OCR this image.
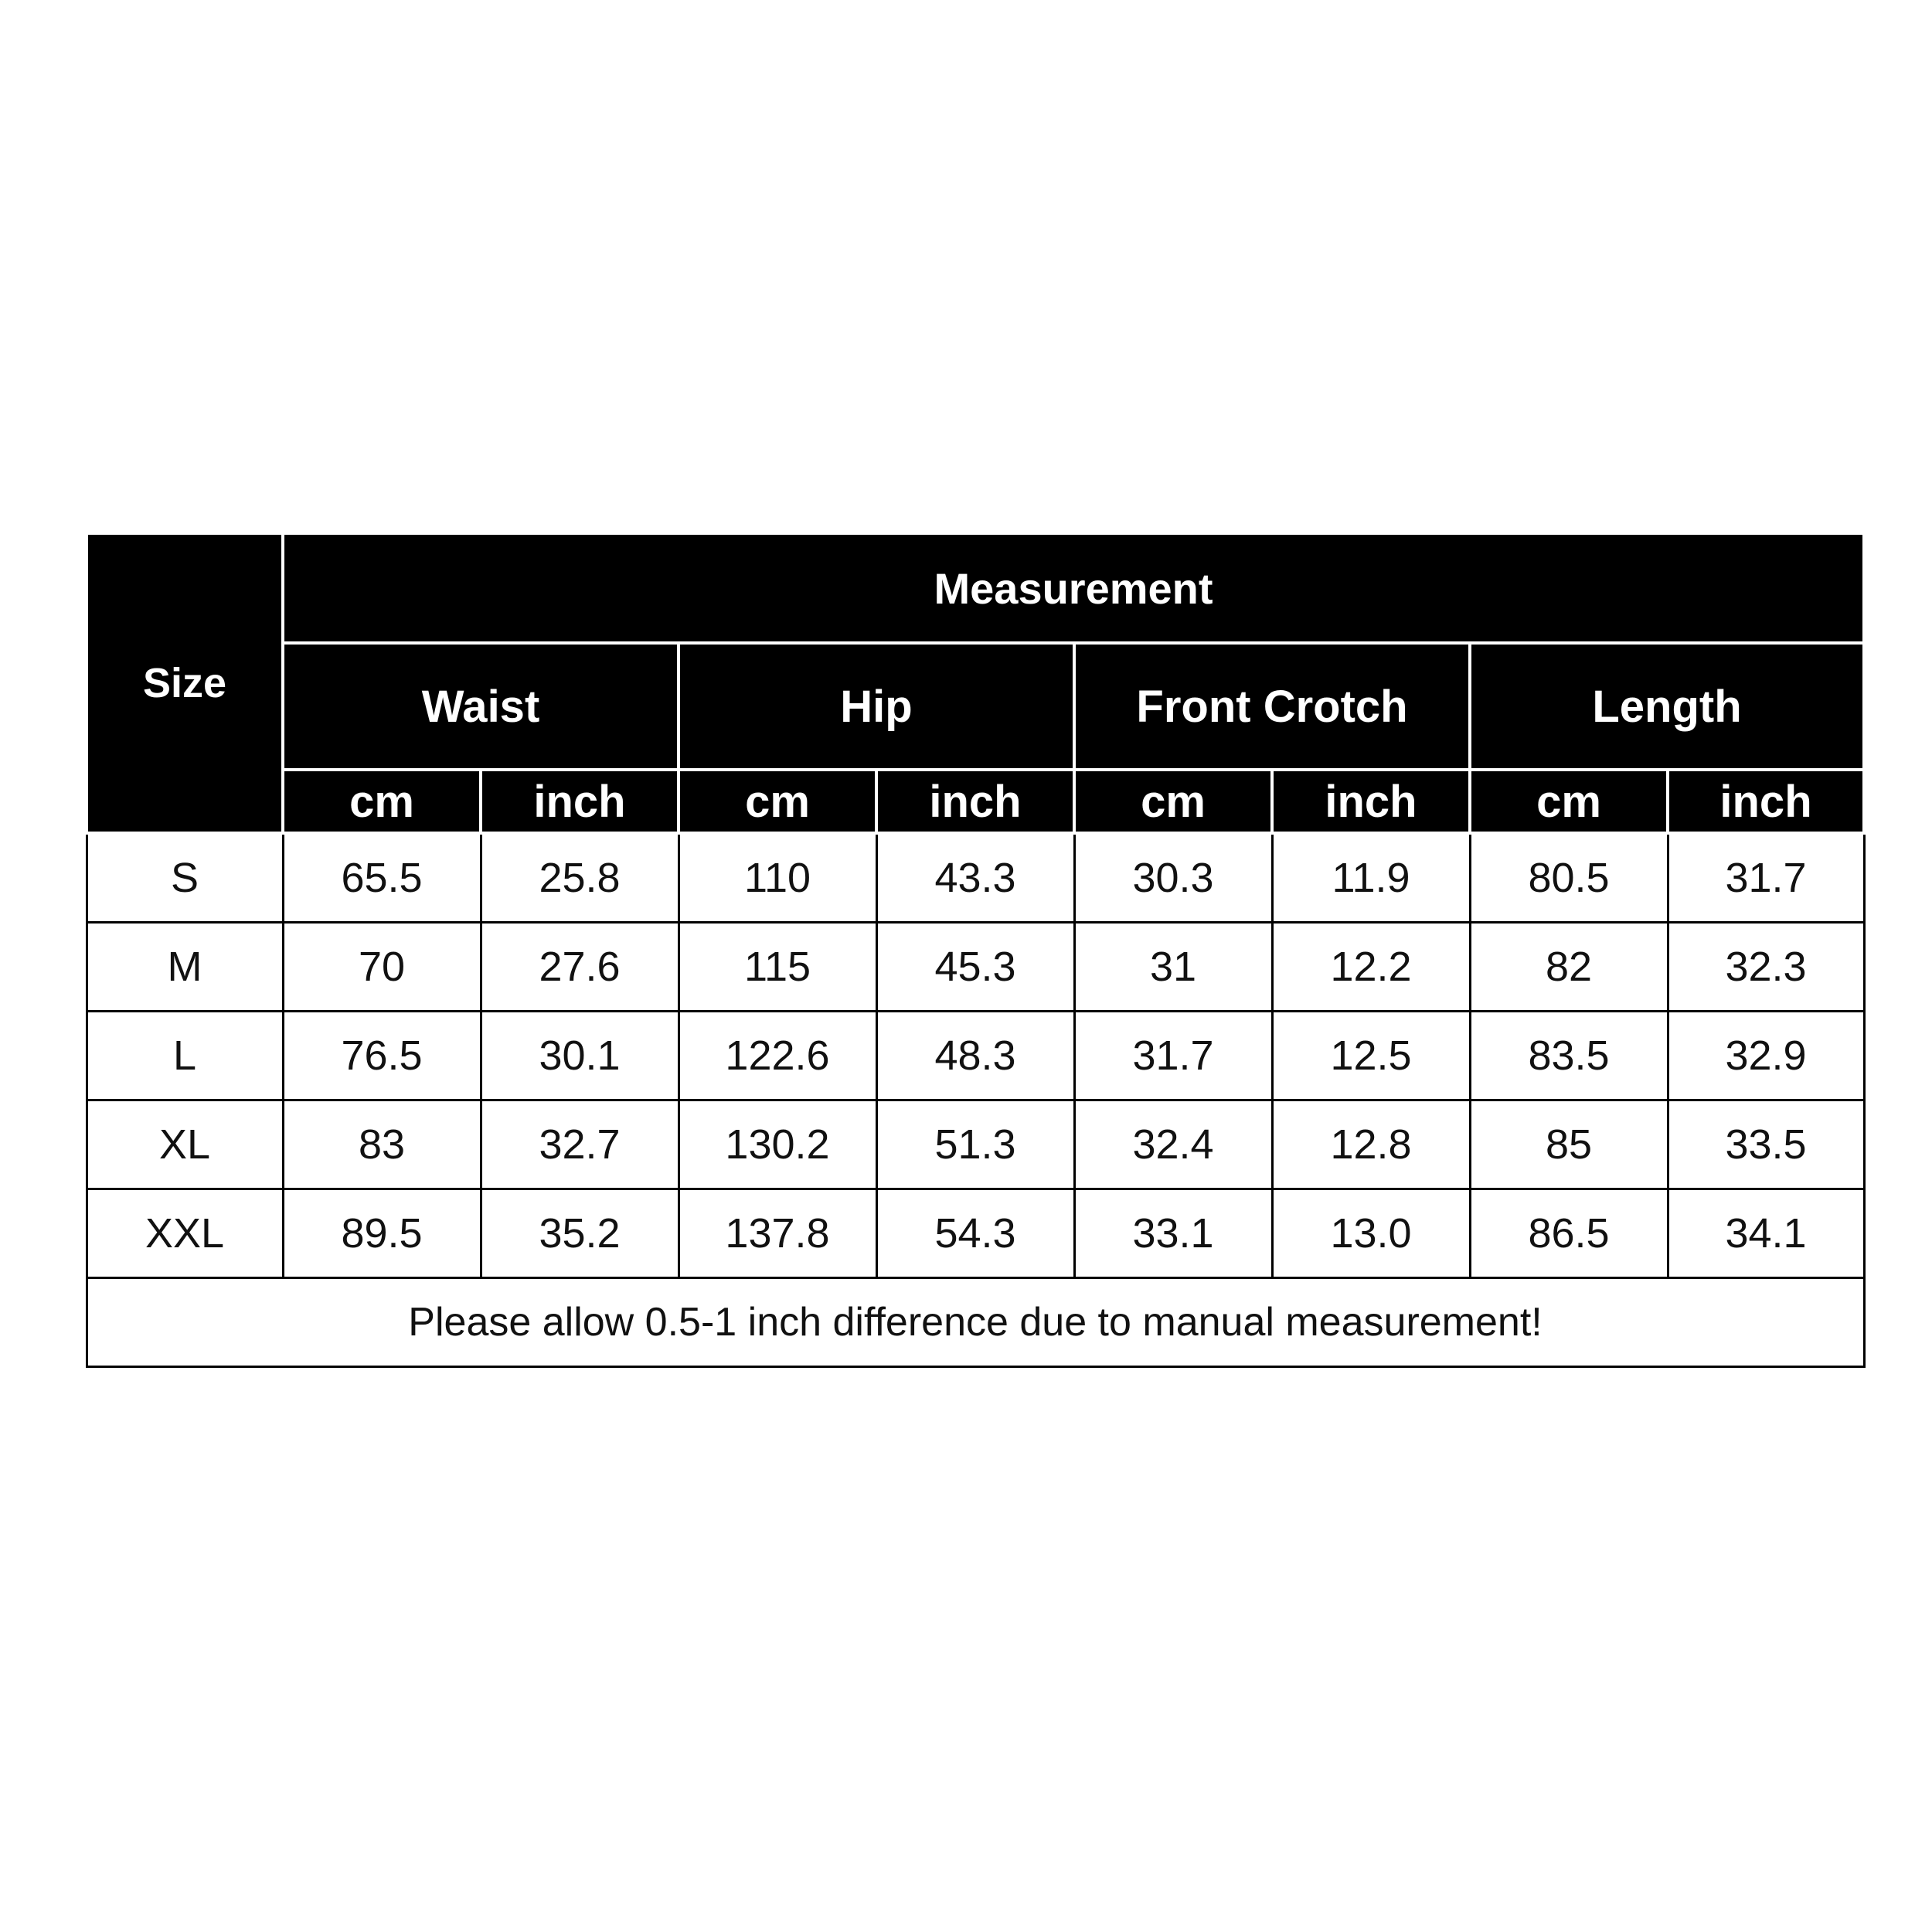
Size	Measurement							
	Waist		Hip		Front Crotch		Length	
	cm	inch	cm	inch	cm	inch	cm	inch
S	65.5	25.8	110	43.3	30.3	11.9	80.5	31.7
M	70	27.6	115	45.3	31	12.2	82	32.3
L	76.5	30.1	122.6	48.3	31.7	12.5	83.5	32.9
XL	83	32.7	130.2	51.3	32.4	12.8	85	33.5
XXL	89.5	35.2	137.8	54.3	33.1	13.0	86.5	34.1
Please allow 0.5-1 inch difference due to manual measurement!								
